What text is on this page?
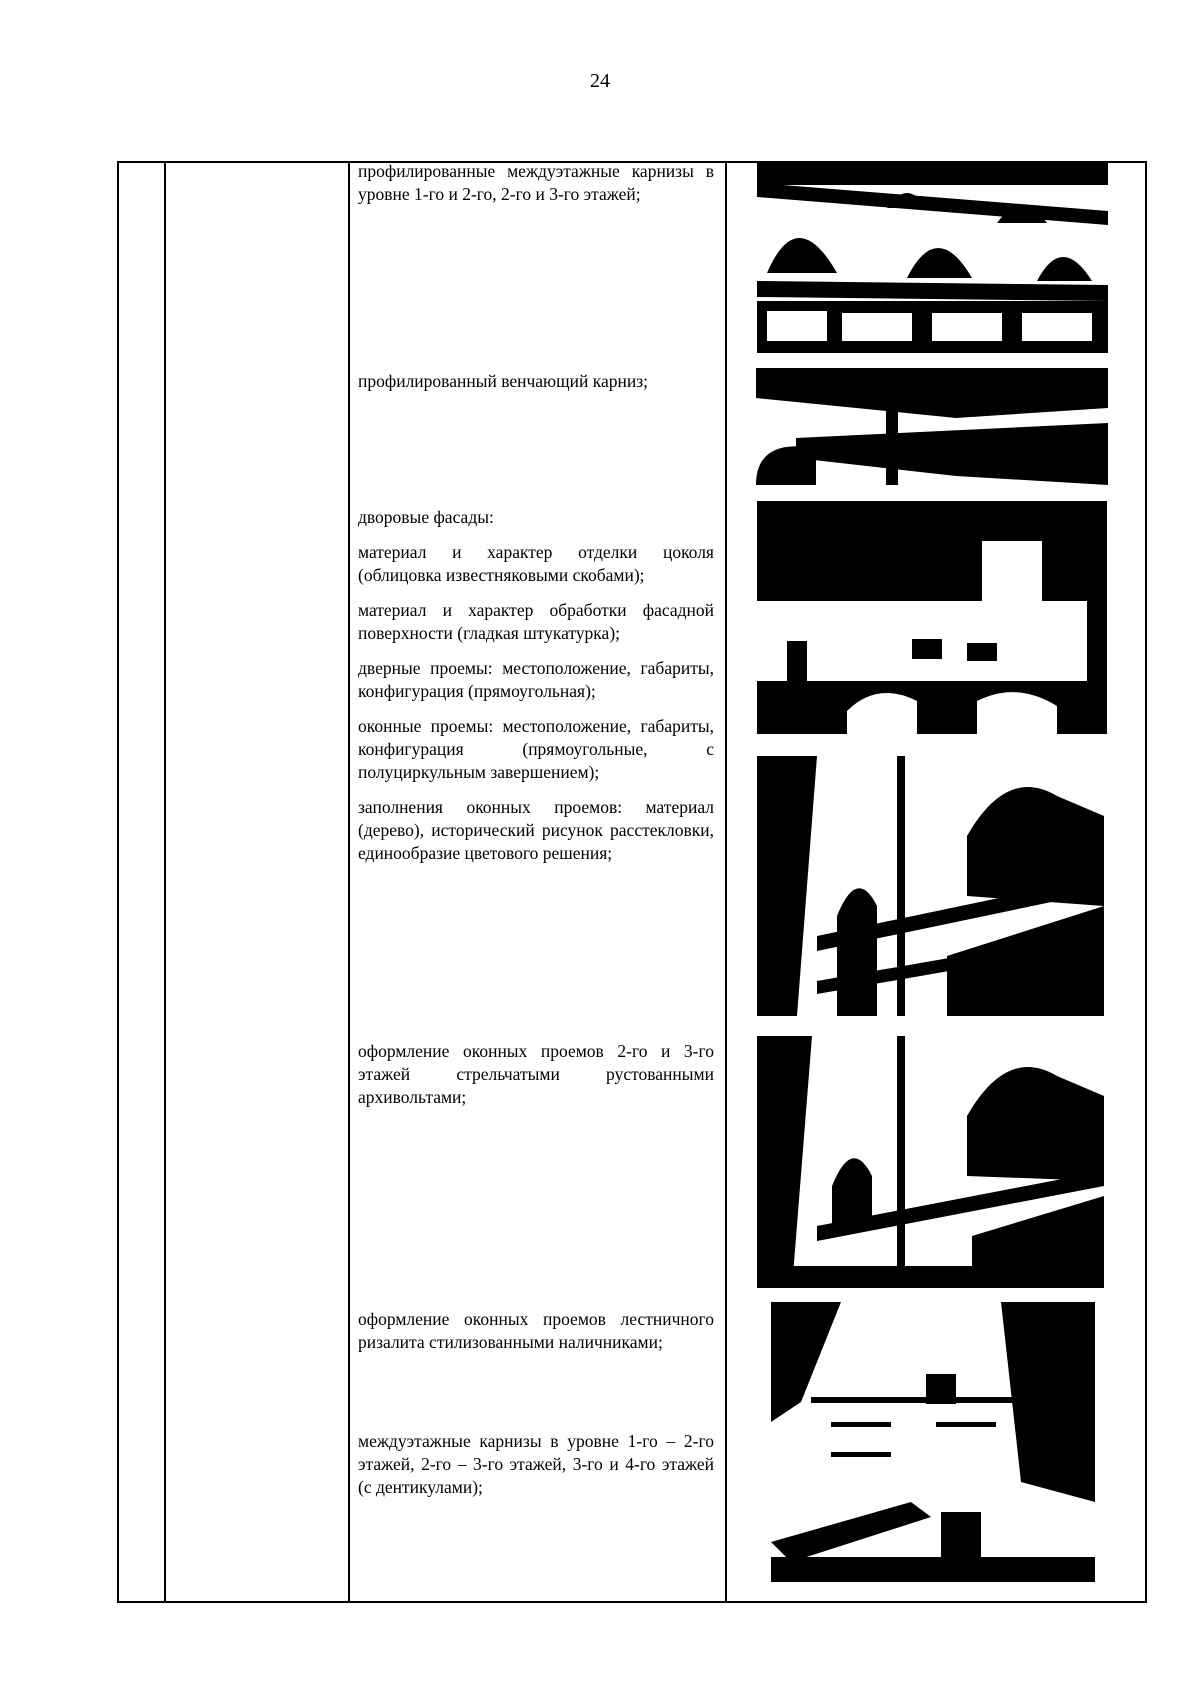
24

профилированные междуэтажные карнизы в уровне 1-го и 2-го, 2-го и 3-го этажей;

профилированный венчающий карниз;

дворовые фасады:

материал и характер отделки цоколя (облицовка известняковыми скобами);

материал и характер обработки фасадной поверхности (гладкая штукатурка);

дверные проемы: местоположение, габариты, конфигурация (прямоугольная);

оконные проемы: местоположение, габариты, конфигурация (прямоугольные, с полуциркульным завершением);

заполнения оконных проемов: материал (дерево), исторический рисунок расстекловки, единообразие цветового решения;

оформление оконных проемов 2-го и 3-го этажей стрельчатыми рустованными архивольтами;

оформление оконных проемов лестничного ризалита стилизованными наличниками;

междуэтажные карнизы в уровне 1-го – 2-го этажей, 2-го – 3-го этажей, 3-го и 4-го этажей (с дентикулами);
